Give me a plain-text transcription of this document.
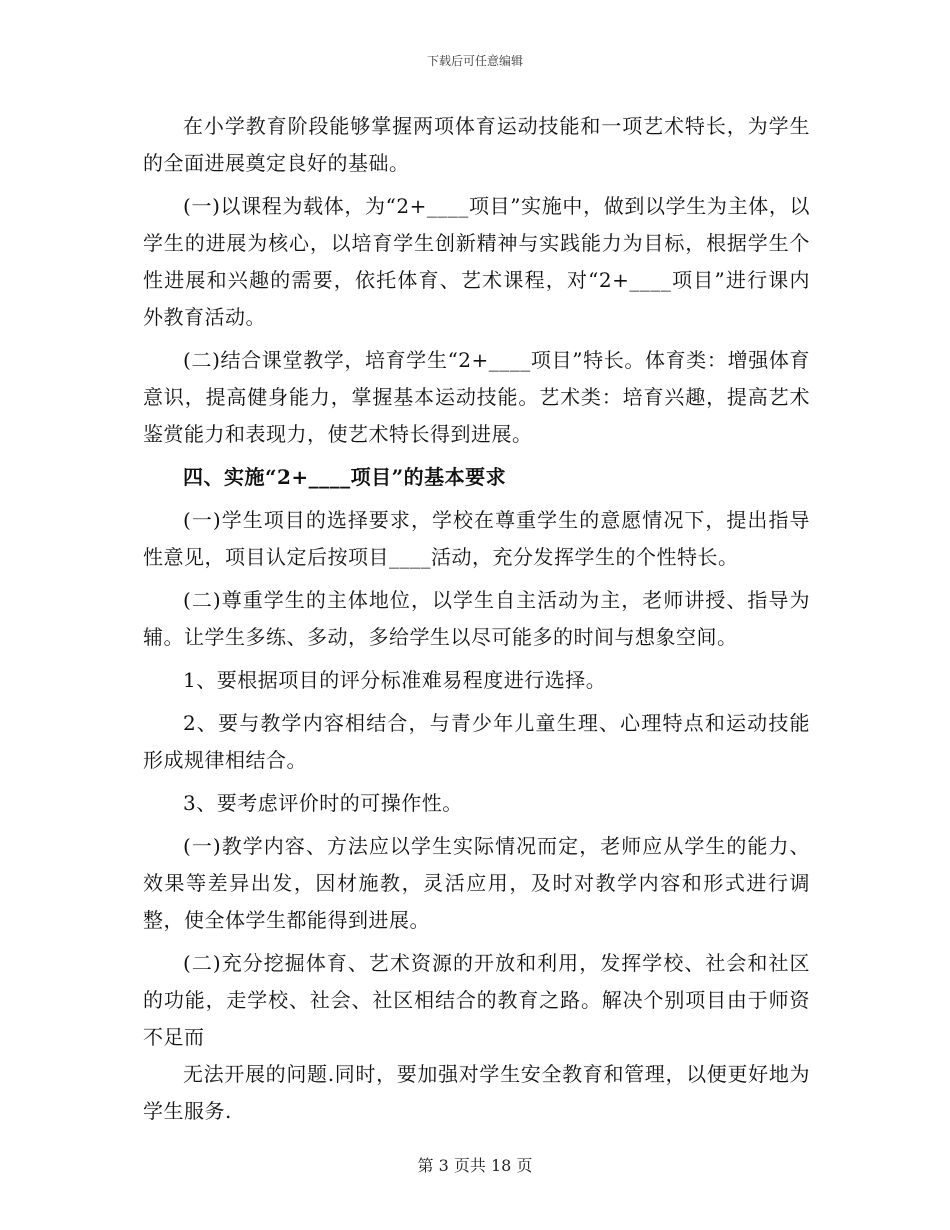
下载后可任意编辑

在小学教育阶段能够掌握两项体育运动技能和一项艺术特长，为学生的全面进展奠定良好的基础。

(一)以课程为载体，为“2+____项目”实施中，做到以学生为主体，以学生的进展为核心，以培育学生创新精神与实践能力为目标，根据学生个性进展和兴趣的需要，依托体育、艺术课程，对“2+____项目”进行课内外教育活动。

(二)结合课堂教学，培育学生“2+____项目”特长。体育类：增强体育意识，提高健身能力，掌握基本运动技能。艺术类：培育兴趣，提高艺术鉴赏能力和表现力，使艺术特长得到进展。

四、实施“2+____项目”的基本要求

(一)学生项目的选择要求，学校在尊重学生的意愿情况下，提出指导性意见，项目认定后按项目____活动，充分发挥学生的个性特长。

(二)尊重学生的主体地位，以学生自主活动为主，老师讲授、指导为辅。让学生多练、多动，多给学生以尽可能多的时间与想象空间。

1、要根据项目的评分标准难易程度进行选择。

2、要与教学内容相结合，与青少年儿童生理、心理特点和运动技能形成规律相结合。

3、要考虑评价时的可操作性。

(一)教学内容、方法应以学生实际情况而定，老师应从学生的能力、效果等差异出发，因材施教，灵活应用，及时对教学内容和形式进行调整，使全体学生都能得到进展。

(二)充分挖掘体育、艺术资源的开放和利用，发挥学校、社会和社区的功能，走学校、社会、社区相结合的教育之路。解决个别项目由于师资不足而

无法开展的问题.同时，要加强对学生安全教育和管理，以便更好地为学生服务.

第 3 页共 18 页
